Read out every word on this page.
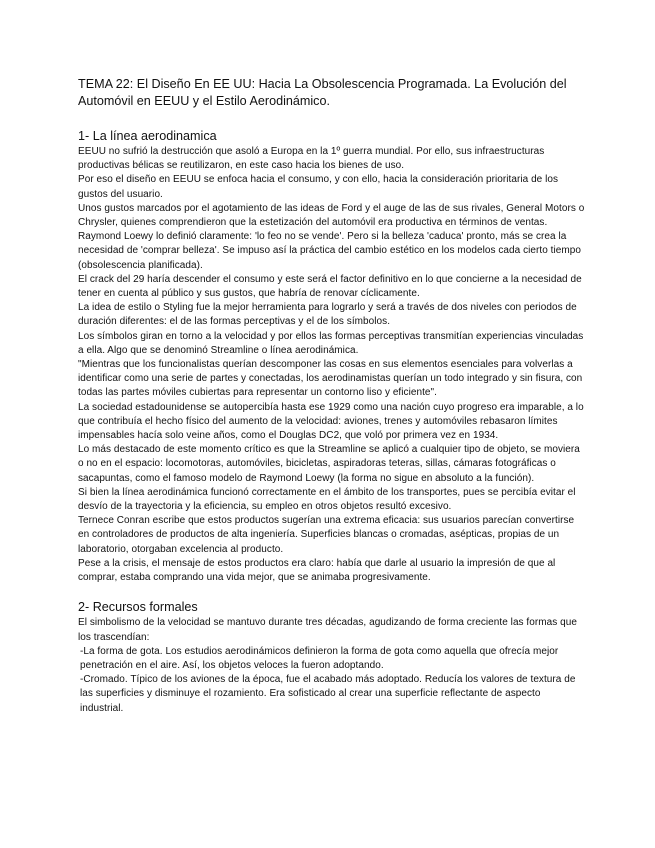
TEMA 22: El Diseño En EE UU: Hacia La Obsolescencia Programada. La Evolución del Automóvil en EEUU y el Estilo Aerodinámico.

1- La línea aerodinamica

EEUU no sufrió la destrucción que asoló a Europa en la 1º guerra mundial. Por ello, sus infraestructuras productivas bélicas se reutilizaron, en este caso hacia los bienes de uso.

Por eso el diseño en EEUU se enfoca hacia el consumo, y con ello, hacia la consideración prioritaria de los gustos del usuario.

Unos gustos marcados por el agotamiento de las ideas de Ford y el auge de las de sus rivales, General Motors o Chrysler, quienes comprendieron que la estetización del automóvil era productiva en términos de ventas.

Raymond Loewy lo definió claramente: 'lo feo no se vende'. Pero si la belleza 'caduca' pronto, más se crea la necesidad de 'comprar belleza'. Se impuso así la práctica del cambio estético en los modelos cada cierto tiempo (obsolescencia planificada).

El crack del 29 haría descender el consumo y este será el factor definitivo en lo que concierne a la necesidad de tener en cuenta al público y sus gustos, que habría de renovar cíclicamente.

La idea de estilo o Styling fue la mejor herramienta para lograrlo y será a través de dos niveles con periodos de duración diferentes: el de las formas perceptivas y el de los símbolos.

Los símbolos giran en torno a la velocidad y por ellos las formas perceptivas transmitían experiencias vinculadas a ella. Algo que se denominó Streamline o línea aerodinámica.

"Mientras que los funcionalistas querían descomponer las cosas en sus elementos esenciales para volverlas a identificar como una serie de partes y conectadas, los aerodinamistas querían un todo integrado y sin fisura, con todas las partes móviles cubiertas para representar un contorno liso y eficiente".

La sociedad estadounidense se autopercibía hasta ese 1929 como una nación cuyo progreso era imparable, a lo que contribuía el hecho físico del aumento de la velocidad: aviones, trenes y automóviles rebasaron límites impensables hacía solo veine años, como el Douglas DC2, que voló por primera vez en 1934.

Lo más destacado de este momento crítico es que la Streamline se aplicó a cualquier tipo de objeto, se moviera o no en el espacio: locomotoras, automóviles, bicicletas, aspiradoras teteras, sillas, cámaras fotográficas o sacapuntas, como el famoso modelo de Raymond Loewy (la forma no sigue en absoluto a la función).

Si bien la línea aerodinámica funcionó correctamente en el ámbito de los transportes, pues se percibía evitar el desvío de la trayectoria y la eficiencia, su empleo en otros objetos resultó excesivo.

Ternece Conran escribe que estos productos sugerían una extrema eficacia: sus usuarios parecían convertirse en controladores de productos de alta ingeniería. Superficies blancas o cromadas, asépticas, propias de un laboratorio, otorgaban excelencia al producto.

Pese a la crisis, el mensaje de estos productos era claro: había que darle al usuario la impresión de que al comprar, estaba comprando una vida mejor, que se animaba progresivamente.

2- Recursos formales

El simbolismo de la velocidad se mantuvo durante tres décadas, agudizando de forma creciente las formas que los trascendían:

-La forma de gota. Los estudios aerodinámicos definieron la forma de gota como aquella que ofrecía mejor penetración en el aire. Así, los objetos veloces la fueron adoptando.

-Cromado. Típico de los aviones de la época, fue el acabado más adoptado. Reducía los valores de textura de las superficies y disminuye el rozamiento. Era sofisticado al crear una superficie reflectante de aspecto industrial.
